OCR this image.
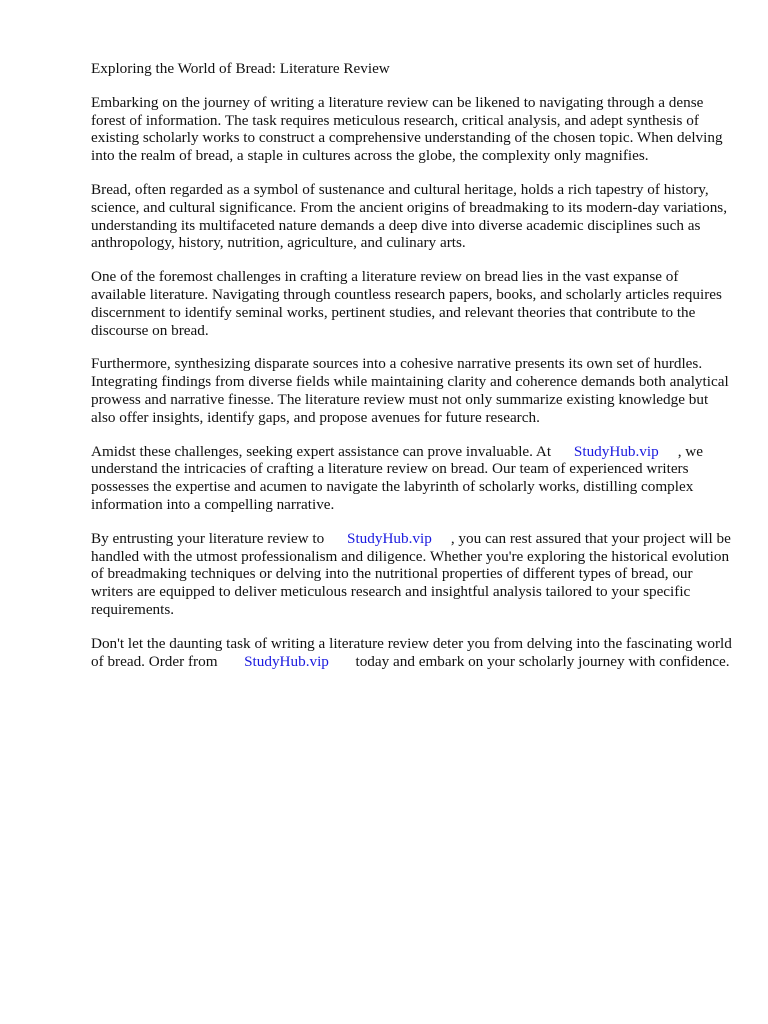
Exploring the World of Bread: Literature Review

Embarking on the journey of writing a literature review can be likened to navigating through a dense forest of information. The task requires meticulous research, critical analysis, and adept synthesis of existing scholarly works to construct a comprehensive understanding of the chosen topic. When delving into the realm of bread, a staple in cultures across the globe, the complexity only magnifies.

Bread, often regarded as a symbol of sustenance and cultural heritage, holds a rich tapestry of history, science, and cultural significance. From the ancient origins of breadmaking to its modern-day variations, understanding its multifaceted nature demands a deep dive into diverse academic disciplines such as anthropology, history, nutrition, agriculture, and culinary arts.

One of the foremost challenges in crafting a literature review on bread lies in the vast expanse of available literature. Navigating through countless research papers, books, and scholarly articles requires discernment to identify seminal works, pertinent studies, and relevant theories that contribute to the discourse on bread.

Furthermore, synthesizing disparate sources into a cohesive narrative presents its own set of hurdles. Integrating findings from diverse fields while maintaining clarity and coherence demands both analytical prowess and narrative finesse. The literature review must not only summarize existing knowledge but also offer insights, identify gaps, and propose avenues for future research.

Amidst these challenges, seeking expert assistance can prove invaluable. At      StudyHub.vip , we understand the intricacies of crafting a literature review on bread. Our team of experienced writers possesses the expertise and acumen to navigate the labyrinth of scholarly works, distilling complex information into a compelling narrative.

By entrusting your literature review to      StudyHub.vip , you can rest assured that your project will be handled with the utmost professionalism and diligence. Whether you're exploring the historical evolution of breadmaking techniques or delving into the nutritional properties of different types of bread, our writers are equipped to deliver meticulous research and insightful analysis tailored to your specific requirements.

Don't let the daunting task of writing a literature review deter you from delving into the fascinating world of bread. Order from       StudyHub.vip       today and embark on your scholarly journey with confidence.
